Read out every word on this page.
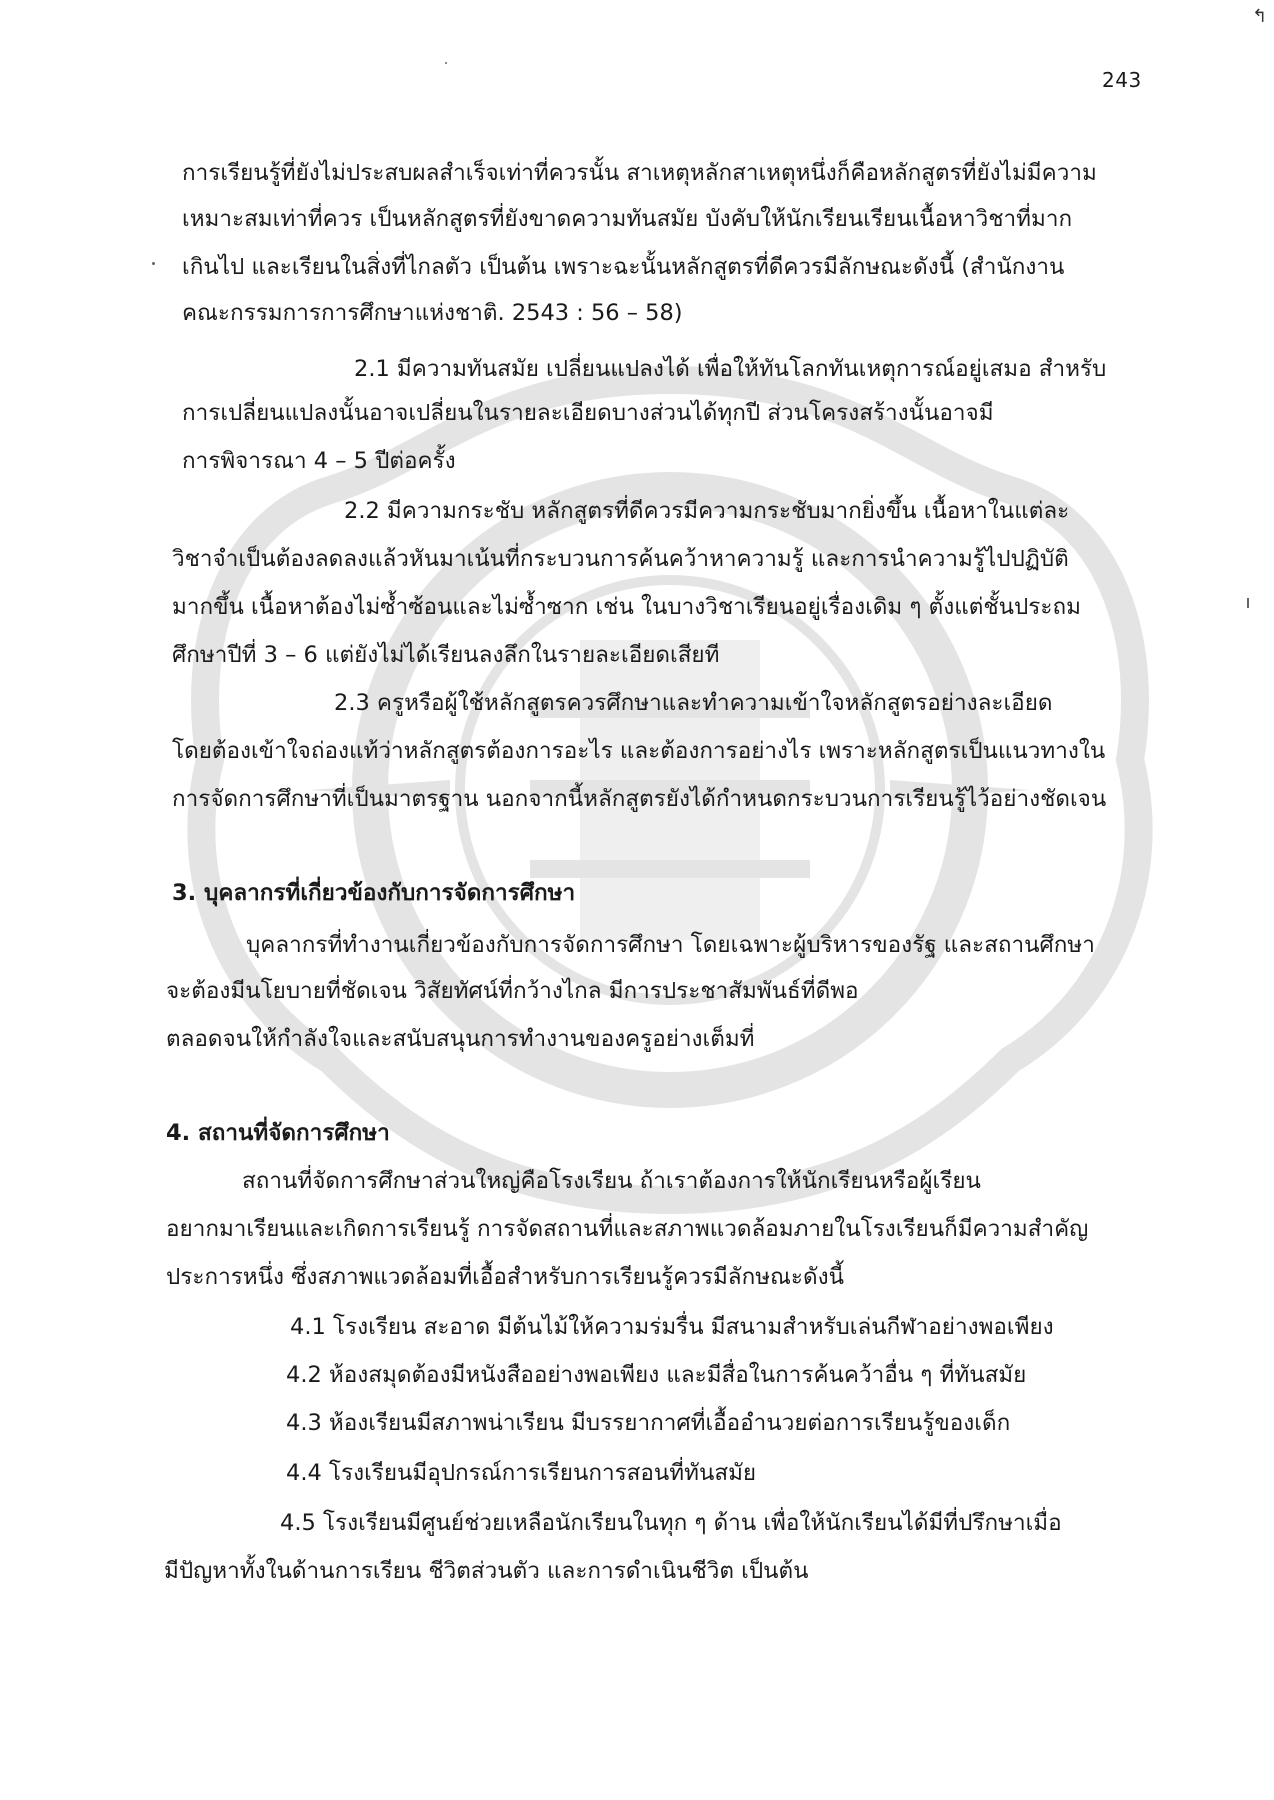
↰
243
การเรียนรู้ที่ยังไม่ประสบผลสำเร็จเท่าที่ควรนั้น สาเหตุหลักสาเหตุหนึ่งก็คือหลักสูตรที่ยังไม่มีความ
เหมาะสมเท่าที่ควร เป็นหลักสูตรที่ยังขาดความทันสมัย บังคับให้นักเรียนเรียนเนื้อหาวิชาที่มาก
เกินไป และเรียนในสิ่งที่ไกลตัว เป็นต้น เพราะฉะนั้นหลักสูตรที่ดีควรมีลักษณะดังนี้ (สำนักงาน
คณะกรรมการการศึกษาแห่งชาติ. 2543 : 56 – 58)
2.1 มีความทันสมัย เปลี่ยนแปลงได้ เพื่อให้ทันโลกทันเหตุการณ์อยู่เสมอ สำหรับ
การเปลี่ยนแปลงนั้นอาจเปลี่ยนในรายละเอียดบางส่วนได้ทุกปี ส่วนโครงสร้างนั้นอาจมี
การพิจารณา 4 – 5 ปีต่อครั้ง
2.2 มีความกระชับ หลักสูตรที่ดีควรมีความกระชับมากยิ่งขึ้น เนื้อหาในแต่ละ
วิชาจำเป็นต้องลดลงแล้วหันมาเน้นที่กระบวนการค้นคว้าหาความรู้ และการนำความรู้ไปปฏิบัติ
มากขึ้น เนื้อหาต้องไม่ซ้ำซ้อนและไม่ซ้ำซาก เช่น ในบางวิชาเรียนอยู่เรื่องเดิม ๆ ตั้งแต่ชั้นประถม
ศึกษาปีที่ 3 – 6 แต่ยังไม่ได้เรียนลงลึกในรายละเอียดเสียที
2.3 ครูหรือผู้ใช้หลักสูตรควรศึกษาและทำความเข้าใจหลักสูตรอย่างละเอียด
โดยต้องเข้าใจถ่องแท้ว่าหลักสูตรต้องการอะไร และต้องการอย่างไร เพราะหลักสูตรเป็นแนวทางใน
การจัดการศึกษาที่เป็นมาตรฐาน นอกจากนี้หลักสูตรยังได้กำหนดกระบวนการเรียนรู้ไว้อย่างชัดเจน
3. บุคลากรที่เกี่ยวข้องกับการจัดการศึกษา
บุคลากรที่ทำงานเกี่ยวข้องกับการจัดการศึกษา โดยเฉพาะผู้บริหารของรัฐ และสถานศึกษา
จะต้องมีนโยบายที่ชัดเจน วิสัยทัศน์ที่กว้างไกล มีการประชาสัมพันธ์ที่ดีพอ
ตลอดจนให้กำลังใจและสนับสนุนการทำงานของครูอย่างเต็มที่
4. สถานที่จัดการศึกษา
สถานที่จัดการศึกษาส่วนใหญ่คือโรงเรียน ถ้าเราต้องการให้นักเรียนหรือผู้เรียน
อยากมาเรียนและเกิดการเรียนรู้ การจัดสถานที่และสภาพแวดล้อมภายในโรงเรียนก็มีความสำคัญ
ประการหนึ่ง ซึ่งสภาพแวดล้อมที่เอื้อสำหรับการเรียนรู้ควรมีลักษณะดังนี้
4.1 โรงเรียน สะอาด มีต้นไม้ให้ความร่มรื่น มีสนามสำหรับเล่นกีฬาอย่างพอเพียง
4.2 ห้องสมุดต้องมีหนังสืออย่างพอเพียง และมีสื่อในการค้นคว้าอื่น ๆ ที่ทันสมัย
4.3 ห้องเรียนมีสภาพน่าเรียน มีบรรยากาศที่เอื้ออำนวยต่อการเรียนรู้ของเด็ก
4.4 โรงเรียนมีอุปกรณ์การเรียนการสอนที่ทันสมัย
4.5 โรงเรียนมีศูนย์ช่วยเหลือนักเรียนในทุก ๆ ด้าน เพื่อให้นักเรียนได้มีที่ปรึกษาเมื่อ
มีปัญหาทั้งในด้านการเรียน ชีวิตส่วนตัว และการดำเนินชีวิต เป็นต้น
